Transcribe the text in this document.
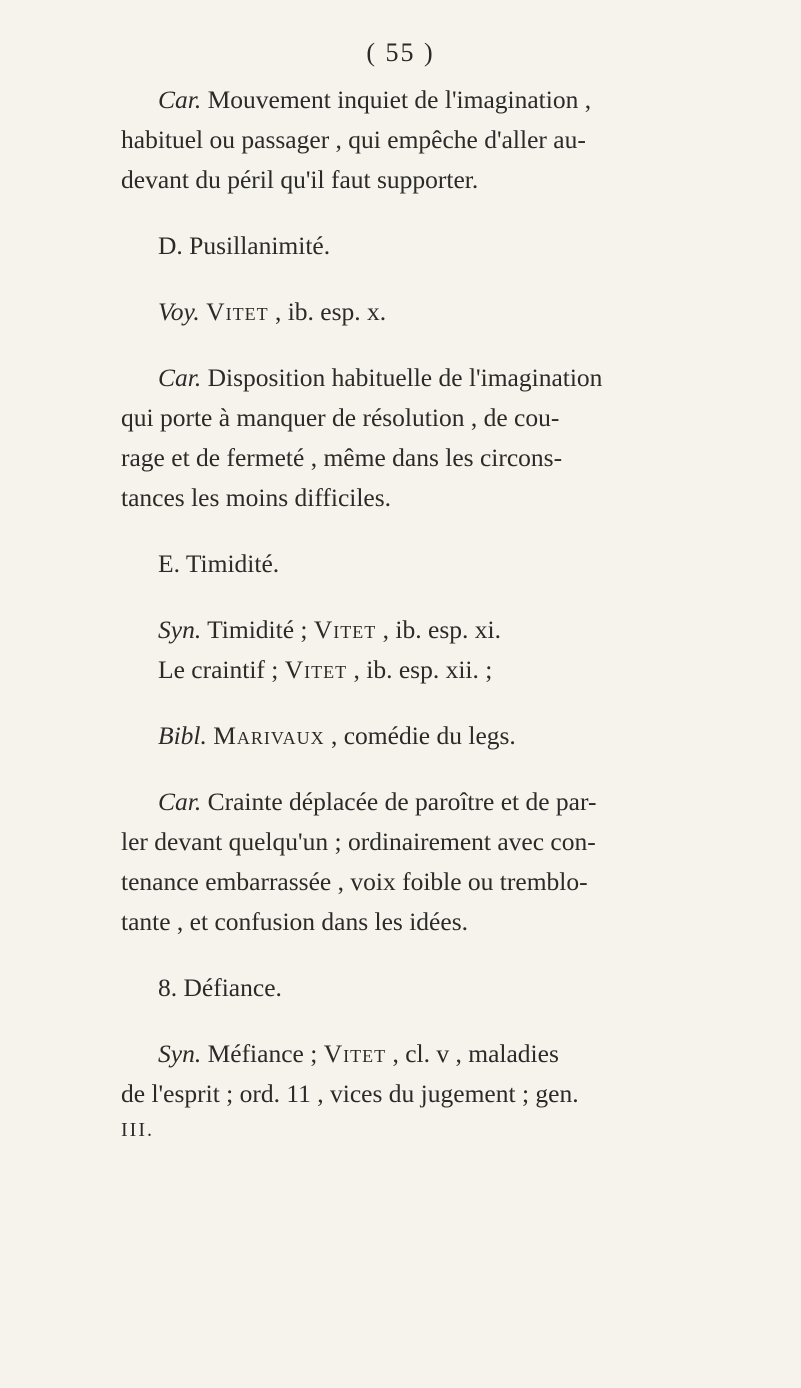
( 55 )
Car. Mouvement inquiet de l'imagination ,
habituel ou passager , qui empêche d'aller au-
devant du péril qu'il faut supporter.
D. Pusillanimité.
Voy. Vitet , ib. esp. x.
Car. Disposition habituelle de l'imagination
qui porte à manquer de résolution , de cou-
rage et de fermeté , même dans les circons-
tances les moins difficiles.
E. Timidité.
Syn. Timidité ; Vitet , ib. esp. xi.
Le craintif ; Vitet , ib. esp. xii. ;
Bibl. Marivaux , comédie du legs.
Car. Crainte déplacée de paroître et de par-
ler devant quelqu'un ; ordinairement avec con-
tenance embarrassée , voix foible ou tremblo-
tante , et confusion dans les idées.
8. Défiance.
Syn. Méfiance ; Vitet , cl. v , maladies
de l'esprit ; ord. 11 , vices du jugement ; gen.
III.
